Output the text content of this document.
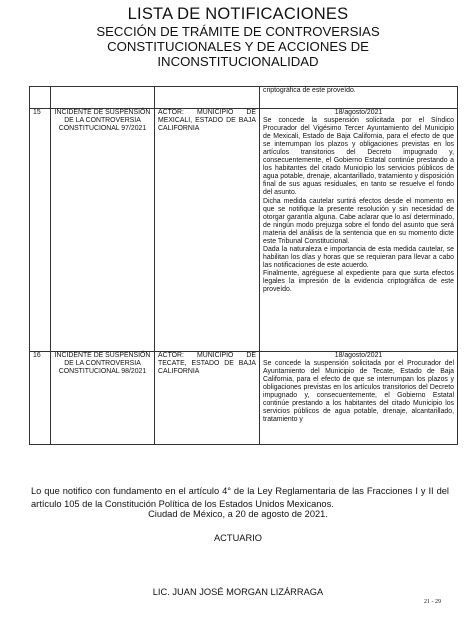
LISTA DE NOTIFICACIONES
SECCIÓN DE TRÁMITE DE CONTROVERSIAS
CONSTITUCIONALES Y DE ACCIONES DE
INCONSTITUCIONALIDAD
			criptográfica de este proveído.
15	INCIDENTE DE SUSPENSIÓN DE LA CONTROVERSIA CONSTITUCIONAL 97/2021	ACTOR: MUNICIPIO DE MEXICALI, ESTADO DE BAJA CALIFORNIA	18/agosto/2021

Se concede la suspensión solicitada por el Síndico Procurador del Vigésimo Tercer Ayuntamiento del Municipio de Mexicali, Estado de Baja California, para el efecto de que se interrumpan los plazos y obligaciones previstas en los artículos transitorios del Decreto impugnado y, consecuentemente, el Gobierno Estatal continúe prestando a los habitantes del citado Municipio los servicios públicos de agua potable, drenaje, alcantarillado, tratamiento y disposición final de sus aguas residuales, en tanto se resuelve el fondo del asunto.

Dicha medida cautelar surtirá efectos desde el momento en que se notifique la presente resolución y sin necesidad de otorgar garantía alguna. Cabe aclarar que lo así determinado, de ningún modo prejuzga sobre el fondo del asunto que será materia del análisis de la sentencia que en su momento dicte este Tribunal Constitucional.

Dada la naturaleza e importancia de esta medida cautelar, se habilitan los días y horas que se requieran para llevar a cabo las notificaciones de este acuerdo.

Finalmente, agréguese al expediente para que surta efectos legales la impresión de la evidencia criptográfica de este proveído.

16	INCIDENTE DE SUSPENSIÓN DE LA CONTROVERSIA CONSTITUCIONAL 98/2021	ACTOR: MUNICIPIO DE TECATE, ESTADO DE BAJA CALIFORNIA	18/agosto/2021

Se concede la suspensión solicitada por el Procurador del Ayuntamiento del Municipio de Tecate, Estado de Baja California, para el efecto de que se interrumpan los plazos y obligaciones previstas en los artículos transitorios del Decreto impugnado y, consecuentemente, el Gobierno Estatal continúe prestando a los habitantes del citado Municipio los servicios públicos de agua potable, drenaje, alcantarillado, tratamiento y

Lo que notifico con fundamento en el artículo 4° de la Ley Reglamentaria de las Fracciones I y II del artículo 105 de la Constitución Política de los Estados Unidos Mexicanos.
Ciudad de México, a 20 de agosto de 2021.
ACTUARIO
LIC. JUAN JOSÉ MORGAN LIZÁRRAGA
21 - 29
